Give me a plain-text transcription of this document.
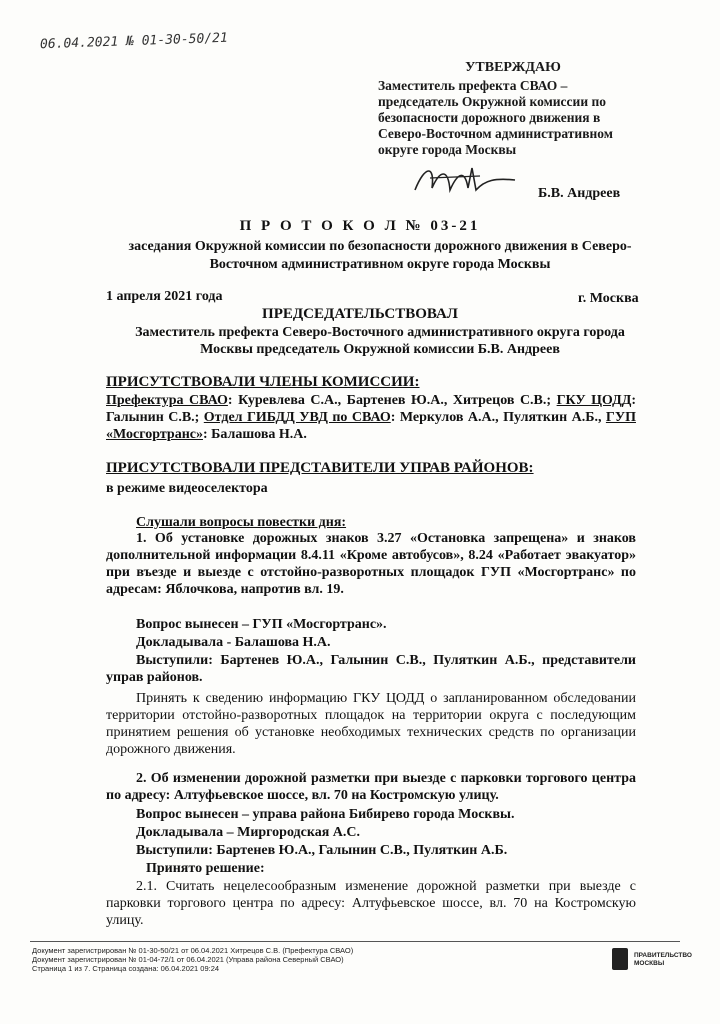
06.04.2021 № 01-30-50/21
УТВЕРЖДАЮ
Заместитель префекта СВАО – председатель Окружной комиссии по безопасности дорожного движения в Северо-Восточном административном округе города Москвы
Б.В. Андреев
П Р О Т О К О Л № 03-21
заседания Окружной комиссии по безопасности дорожного движения в Северо-Восточном административном округе города Москвы
1 апреля 2021 года	г. Москва
ПРЕДСЕДАТЕЛЬСТВОВАЛ
Заместитель префекта Северо-Восточного административного округа города Москвы председатель Окружной комиссии Б.В. Андреев
ПРИСУТСТВОВАЛИ ЧЛЕНЫ КОМИССИИ:
Префектура СВАО: Куревлева С.А., Бартенев Ю.А., Хитрецов С.В.; ГКУ ЦОДД: Галынин С.В.; Отдел ГИБДД УВД по СВАО: Меркулов А.А., Пуляткин А.Б., ГУП «Мосгортранс»: Балашова Н.А.
ПРИСУТСТВОВАЛИ ПРЕДСТАВИТЕЛИ УПРАВ РАЙОНОВ:
в режиме видеоселектора
Слушали вопросы повестки дня:
1. Об установке дорожных знаков 3.27 «Остановка запрещена» и знаков дополнительной информации 8.4.11 «Кроме автобусов», 8.24 «Работает эвакуатор» при въезде и выезде с отстойно-разворотных площадок ГУП «Мосгортранс» по адресам: Яблочкова, напротив вл. 19.
Вопрос вынесен – ГУП «Мосгортранс».
Докладывала - Балашова Н.А.
Выступили: Бартенев Ю.А., Галынин С.В., Пуляткин А.Б., представители управ районов.
Принять к сведению информацию ГКУ ЦОДД о запланированном обследовании территории отстойно-разворотных площадок на территории округа с последующим принятием решения об установке необходимых технических средств по организации дорожного движения.
2. Об изменении дорожной разметки при выезде с парковки торгового центра по адресу: Алтуфьевское шоссе, вл. 70 на Костромскую улицу.
Вопрос вынесен – управа района Бибирево города Москвы.
Докладывала – Миргородская А.С.
Выступили: Бартенев Ю.А., Галынин С.В., Пуляткин А.Б.
Принято решение:
2.1. Считать нецелесообразным изменение дорожной разметки при выезде с парковки торгового центра по адресу: Алтуфьевское шоссе, вл. 70 на Костромскую улицу.
Документ зарегистрирован № 01-30-50/21 от 06.04.2021 Хитрецов С.В. (Префектура СВАО)
Документ зарегистрирован № 01-04-72/1 от 06.04.2021 (Управа района Северный СВАО)
Страница 1 из 7. Страница создана: 06.04.2021 09:24
ПРАВИТЕЛЬСТВО
МОСКВЫ
